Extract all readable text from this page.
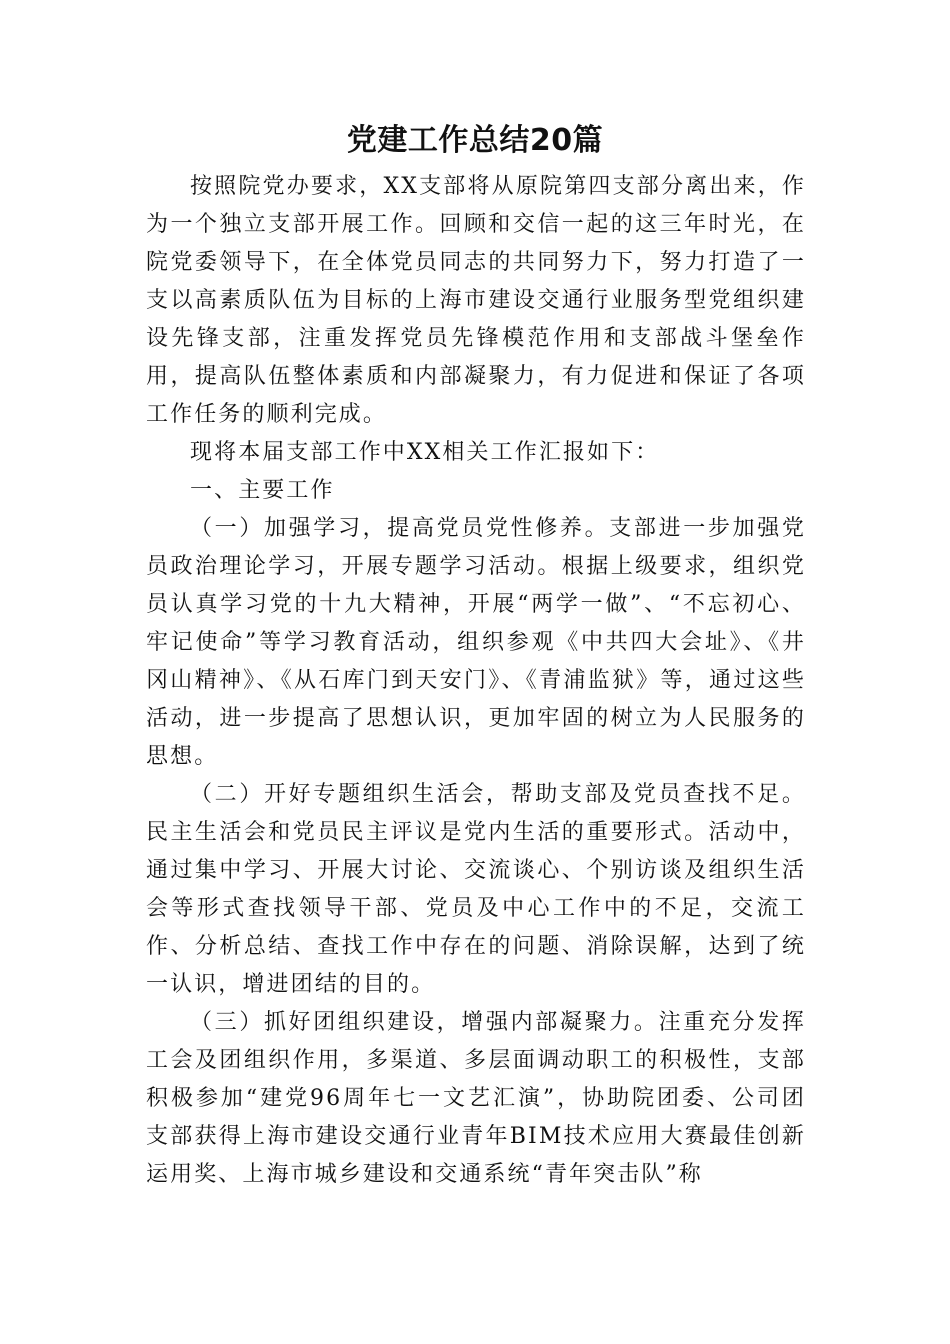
党建工作总结20篇

按照院党办要求，XX支部将从原院第四支部分离出来，作为一个独立支部开展工作。回顾和交信一起的这三年时光，在院党委领导下，在全体党员同志的共同努力下，努力打造了一支以高素质队伍为目标的上海市建设交通行业服务型党组织建设先锋支部，注重发挥党员先锋模范作用和支部战斗堡垒作用，提高队伍整体素质和内部凝聚力，有力促进和保证了各项工作任务的顺利完成。

现将本届支部工作中XX相关工作汇报如下：

一、主要工作

（一）加强学习，提高党员党性修养。支部进一步加强党员政治理论学习，开展专题学习活动。根据上级要求，组织党员认真学习党的十九大精神，开展“两学一做”、“不忘初心、牢记使命”等学习教育活动，组织参观《中共四大会址》、《井冈山精神》、《从石库门到天安门》、《青浦监狱》等，通过这些活动，进一步提高了思想认识，更加牢固的树立为人民服务的思想。

（二）开好专题组织生活会，帮助支部及党员查找不足。民主生活会和党员民主评议是党内生活的重要形式。活动中，通过集中学习、开展大讨论、交流谈心、个别访谈及组织生活会等形式查找领导干部、党员及中心工作中的不足，交流工作、分析总结、查找工作中存在的问题、消除误解，达到了统一认识，增进团结的目的。

（三）抓好团组织建设，增强内部凝聚力。注重充分发挥工会及团组织作用，多渠道、多层面调动职工的积极性，支部积极参加“建党96周年七一文艺汇演”，协助院团委、公司团支部获得上海市建设交通行业青年BIM技术应用大赛最佳创新运用奖、上海市城乡建设和交通系统“青年突击队”称
